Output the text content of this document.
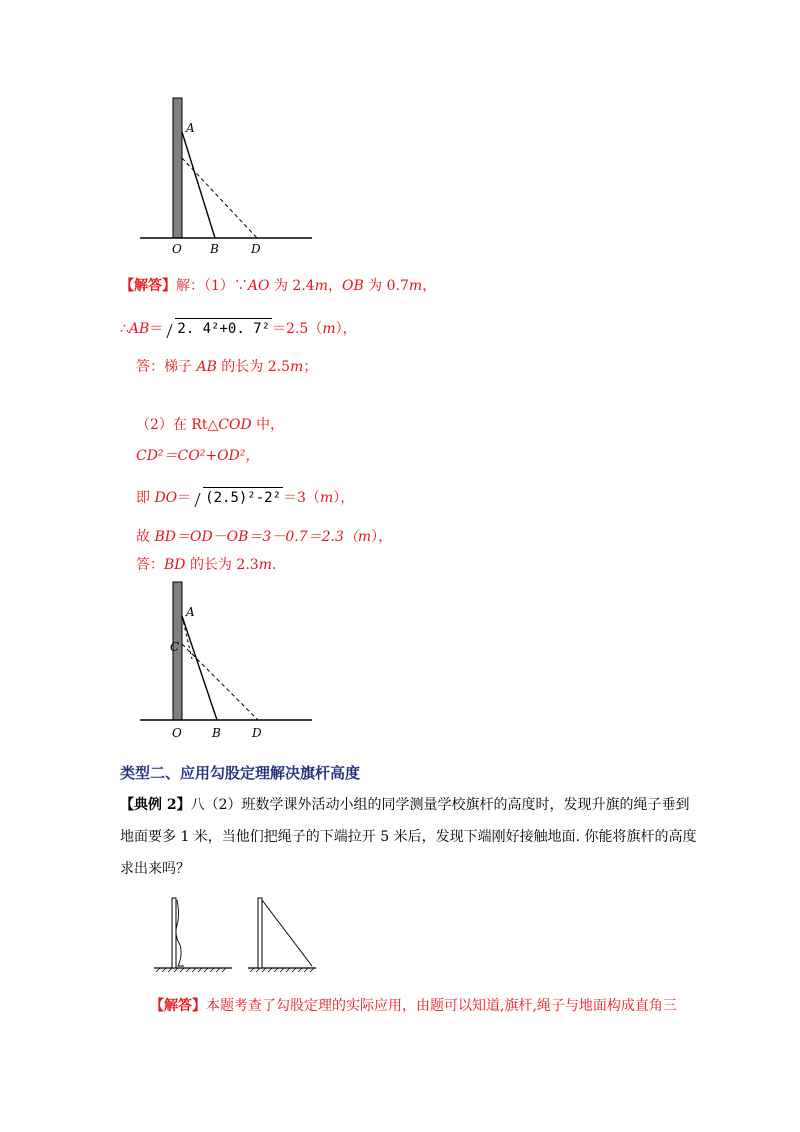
A
O B	D
【解答】解：（1）∵AO 为 2.4m，OB 为 0.7m，
∴AB＝ 2. 4²+0. 7² ＝2.5（m），
答：梯子 AB 的长为 2.5m；
（2）在 Rt△COD 中，
CD²＝CO²+OD²，
即 DO＝ (2.5)²-2² ＝3（m），
故 BD＝OD－OB＝3－0.7＝2.3（m），
答：BD 的长为 2.3m.
A
C
O	B	D
类型二、应用勾股定理解决旗杆高度
【典例 2】八（2）班数学课外活动小组的同学测量学校旗杆的高度时，发现升旗的绳子垂到地面要多 1 米，当他们把绳子的下端拉开 5 米后，发现下端刚好接触地面. 你能将旗杆的高度求出来吗？
【解答】本题考查了勾股定理的实际应用，由题可以知道,旗杆,绳子与地面构成直角三
